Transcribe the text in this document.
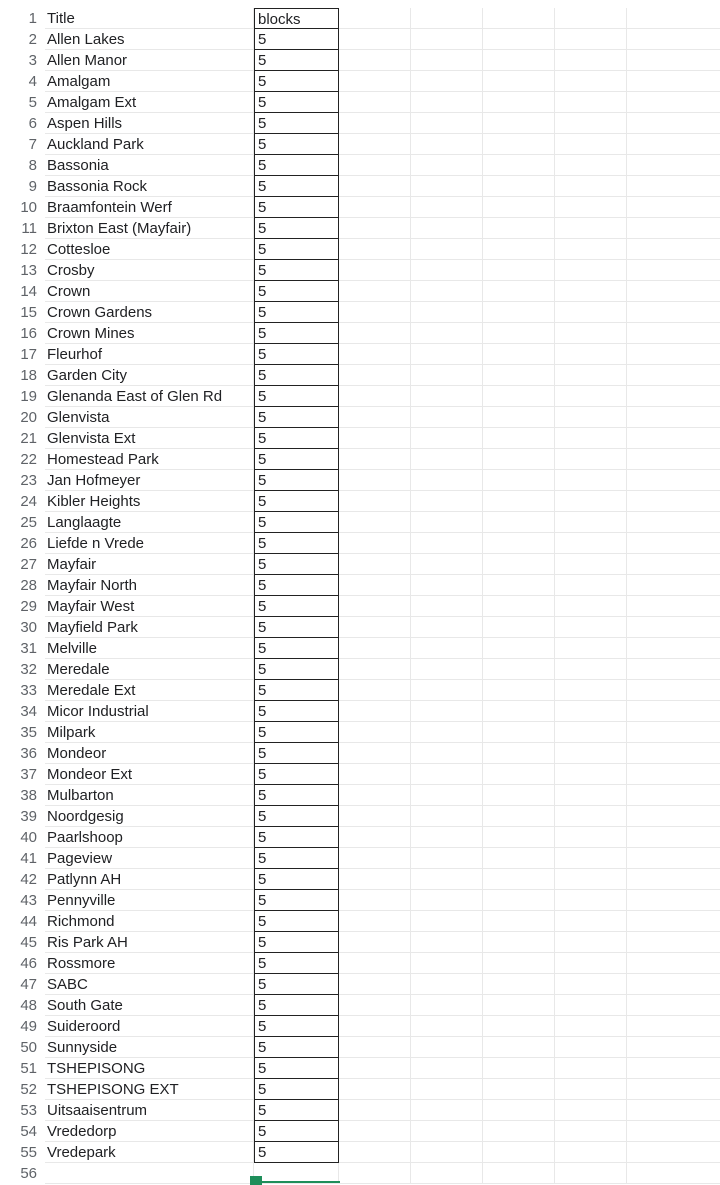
1 Title	blocks
2 Allen Lakes	5
3 Allen Manor	5
4 Amalgam	5
5 Amalgam Ext	5
6 Aspen Hills	5
7 Auckland Park	5
8 Bassonia	5
9 Bassonia Rock	5
10 Braamfontein Werf	5
11 Brixton East (Mayfair)	5
12 Cottesloe	5
13 Crosby	5
14 Crown	5
15 Crown Gardens	5
16 Crown Mines	5
17 Fleurhof	5
18 Garden City	5
19 Glenanda East of Glen Rd	5
20 Glenvista	5
21 Glenvista Ext	5
22 Homestead Park	5
23 Jan Hofmeyer	5
24 Kibler Heights	5
25 Langlaagte	5
26 Liefde n Vrede	5
27 Mayfair	5
28 Mayfair North	5
29 Mayfair West	5
30 Mayfield Park	5
31 Melville	5
32 Meredale	5
33 Meredale Ext	5
34 Micor Industrial	5
35 Milpark	5
36 Mondeor	5
37 Mondeor Ext	5
38 Mulbarton	5
39 Noordgesig	5
40 Paarlshoop	5
41 Pageview	5
42 Patlynn AH	5
43 Pennyville	5
44 Richmond	5
45 Ris Park AH	5
46 Rossmore	5
47 SABC	5
48 South Gate	5
49 Suideroord	5
50 Sunnyside	5
51 TSHEPISONG	5
52 TSHEPISONG EXT	5
53 Uitsaaisentrum	5
54 Vrededorp	5
55 Vredepark	5
56
